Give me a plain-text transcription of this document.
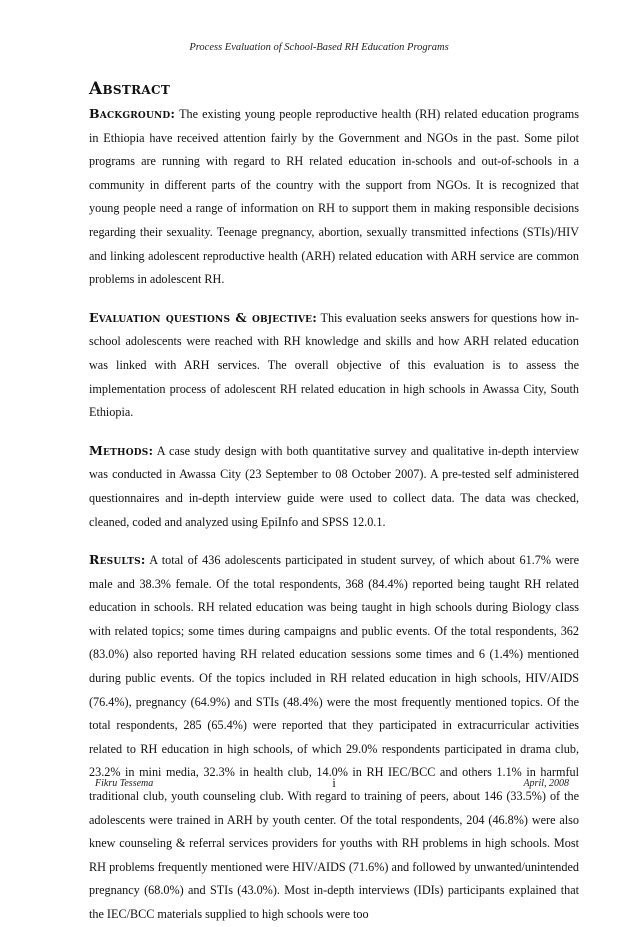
Process Evaluation of School-Based RH Education Programs
Abstract

Background: The existing young people reproductive health (RH) related education programs in Ethiopia have received attention fairly by the Government and NGOs in the past. Some pilot programs are running with regard to RH related education in-schools and out-of-schools in a community in different parts of the country with the support from NGOs. It is recognized that young people need a range of information on RH to support them in making responsible decisions regarding their sexuality. Teenage pregnancy, abortion, sexually transmitted infections (STIs)/HIV and linking adolescent reproductive health (ARH) related education with ARH service are common problems in adolescent RH.

Evaluation questions & objective: This evaluation seeks answers for questions how in-school adolescents were reached with RH knowledge and skills and how ARH related education was linked with ARH services. The overall objective of this evaluation is to assess the implementation process of adolescent RH related education in high schools in Awassa City, South Ethiopia.

Methods: A case study design with both quantitative survey and qualitative in-depth interview was conducted in Awassa City (23 September to 08 October 2007). A pre-tested self administered questionnaires and in-depth interview guide were used to collect data. The data was checked, cleaned, coded and analyzed using EpiInfo and SPSS 12.0.1.

Results: A total of 436 adolescents participated in student survey, of which about 61.7% were male and 38.3% female. Of the total respondents, 368 (84.4%) reported being taught RH related education in schools. RH related education was being taught in high schools during Biology class with related topics; some times during campaigns and public events. Of the total respondents, 362 (83.0%) also reported having RH related education sessions some times and 6 (1.4%) mentioned during public events. Of the topics included in RH related education in high schools, HIV/AIDS (76.4%), pregnancy (64.9%) and STIs (48.4%) were the most frequently mentioned topics. Of the total respondents, 285 (65.4%) were reported that they participated in extracurricular activities related to RH education in high schools, of which 29.0% respondents participated in drama club, 23.2% in mini media, 32.3% in health club, 14.0% in RH IEC/BCC and others 1.1% in harmful traditional club, youth counseling club. With regard to training of peers, about 146 (33.5%) of the adolescents were trained in ARH by youth center. Of the total respondents, 204 (46.8%) were also knew counseling & referral services providers for youths with RH problems in high schools. Most RH problems frequently mentioned were HIV/AIDS (71.6%) and followed by unwanted/unintended pregnancy (68.0%) and STIs (43.0%). Most in-depth interviews (IDIs) participants explained that the IEC/BCC materials supplied to high schools were too

Fikru Tessema	i	April, 2008
